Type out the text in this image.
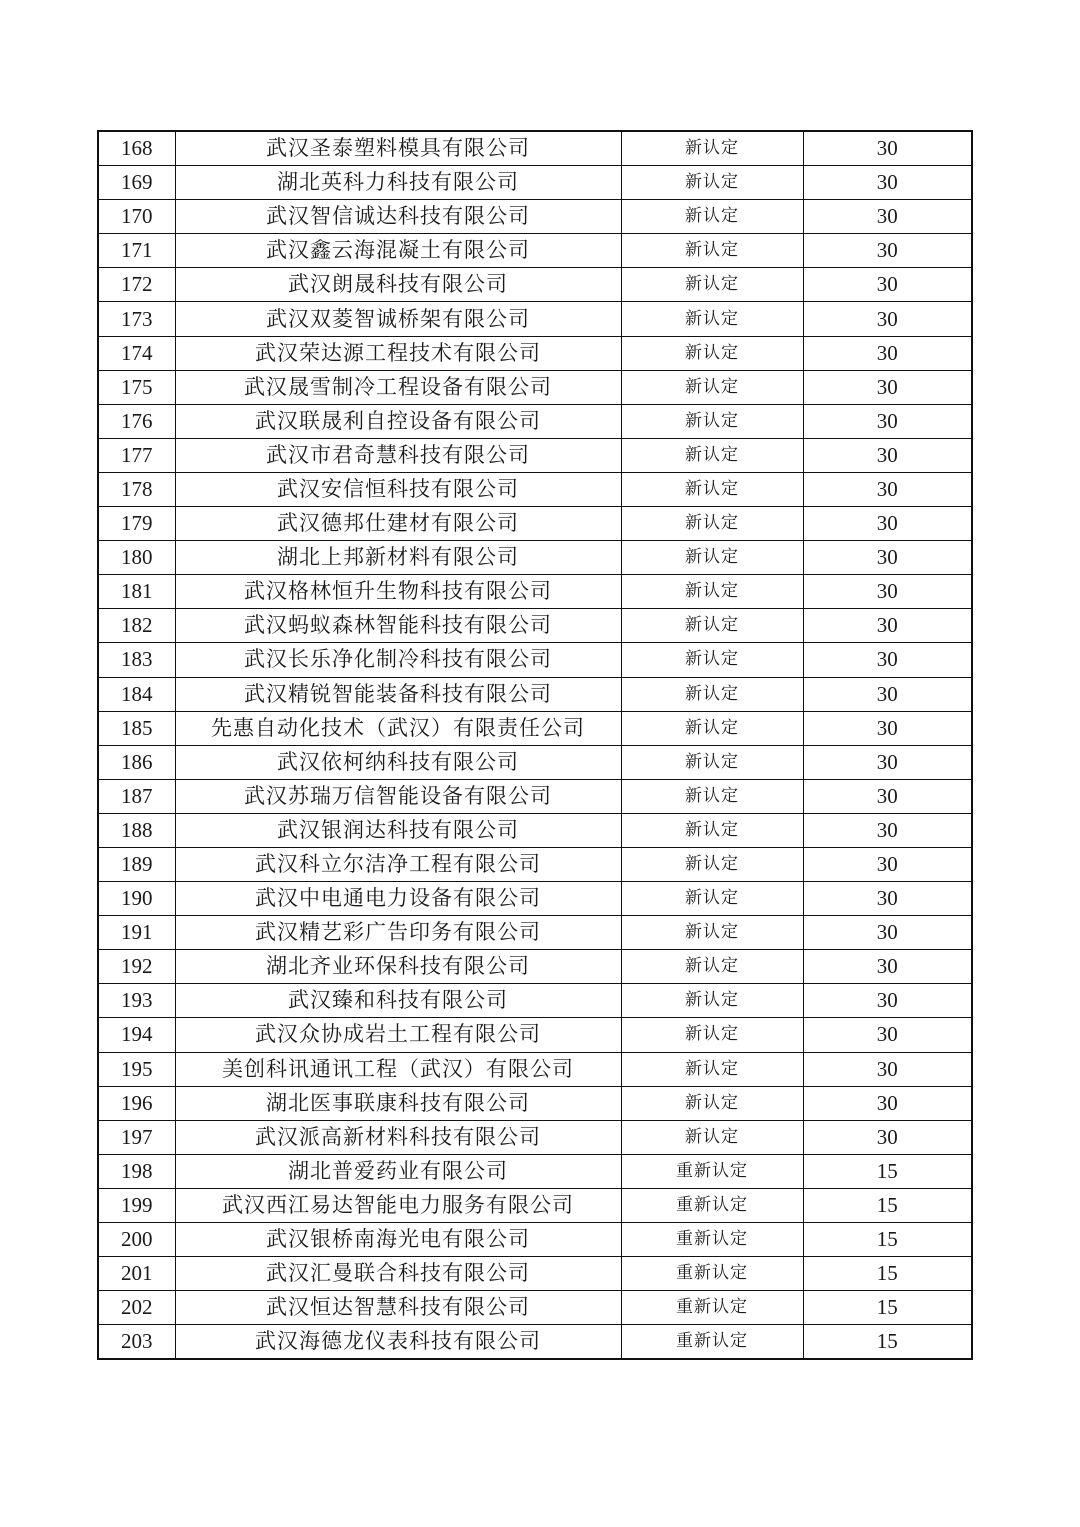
168	武汉圣泰塑料模具有限公司	新认定	30
169	湖北英科力科技有限公司	新认定	30
170	武汉智信诚达科技有限公司	新认定	30
171	武汉鑫云海混凝土有限公司	新认定	30
172	武汉朗晟科技有限公司	新认定	30
173	武汉双菱智诚桥架有限公司	新认定	30
174	武汉荣达源工程技术有限公司	新认定	30
175	武汉晟雪制冷工程设备有限公司	新认定	30
176	武汉联晟利自控设备有限公司	新认定	30
177	武汉市君奇慧科技有限公司	新认定	30
178	武汉安信恒科技有限公司	新认定	30
179	武汉德邦仕建材有限公司	新认定	30
180	湖北上邦新材料有限公司	新认定	30
181	武汉格林恒升生物科技有限公司	新认定	30
182	武汉蚂蚁森林智能科技有限公司	新认定	30
183	武汉长乐净化制冷科技有限公司	新认定	30
184	武汉精锐智能装备科技有限公司	新认定	30
185	先惠自动化技术（武汉）有限责任公司	新认定	30
186	武汉依柯纳科技有限公司	新认定	30
187	武汉苏瑞万信智能设备有限公司	新认定	30
188	武汉银润达科技有限公司	新认定	30
189	武汉科立尔洁净工程有限公司	新认定	30
190	武汉中电通电力设备有限公司	新认定	30
191	武汉精艺彩广告印务有限公司	新认定	30
192	湖北齐业环保科技有限公司	新认定	30
193	武汉臻和科技有限公司	新认定	30
194	武汉众协成岩土工程有限公司	新认定	30
195	美创科讯通讯工程（武汉）有限公司	新认定	30
196	湖北医事联康科技有限公司	新认定	30
197	武汉派高新材料科技有限公司	新认定	30
198	湖北普爱药业有限公司	重新认定	15
199	武汉西江易达智能电力服务有限公司	重新认定	15
200	武汉银桥南海光电有限公司	重新认定	15
201	武汉汇曼联合科技有限公司	重新认定	15
202	武汉恒达智慧科技有限公司	重新认定	15
203	武汉海德龙仪表科技有限公司	重新认定	15
